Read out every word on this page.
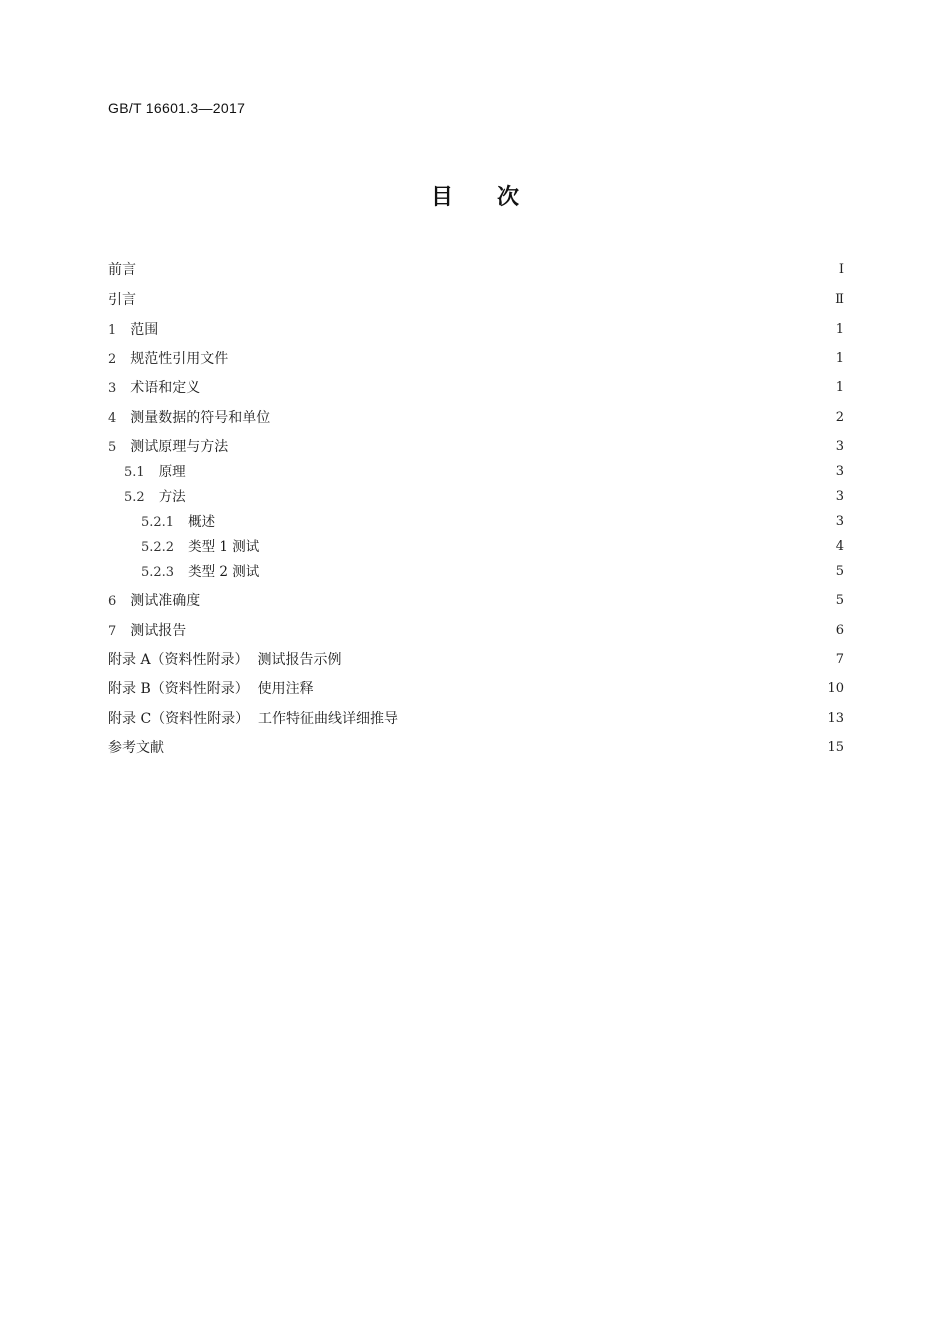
GB/T 16601.3—2017
目次
前言	Ⅰ
引言	Ⅱ
1 范围	1
2 规范性引用文件	1
3 术语和定义	1
4 测量数据的符号和单位	2
5 测试原理与方法	3
5.1 原理	3
5.2 方法	3
5.2.1 概述	3
5.2.2 类型 1 测试	4
5.2.3 类型 2 测试	5
6 测试准确度	5
7 测试报告	6
附录 A（资料性附录）  测试报告示例	7
附录 B（资料性附录）  使用注释	10
附录 C（资料性附录）  工作特征曲线详细推导	13
参考文献	15
